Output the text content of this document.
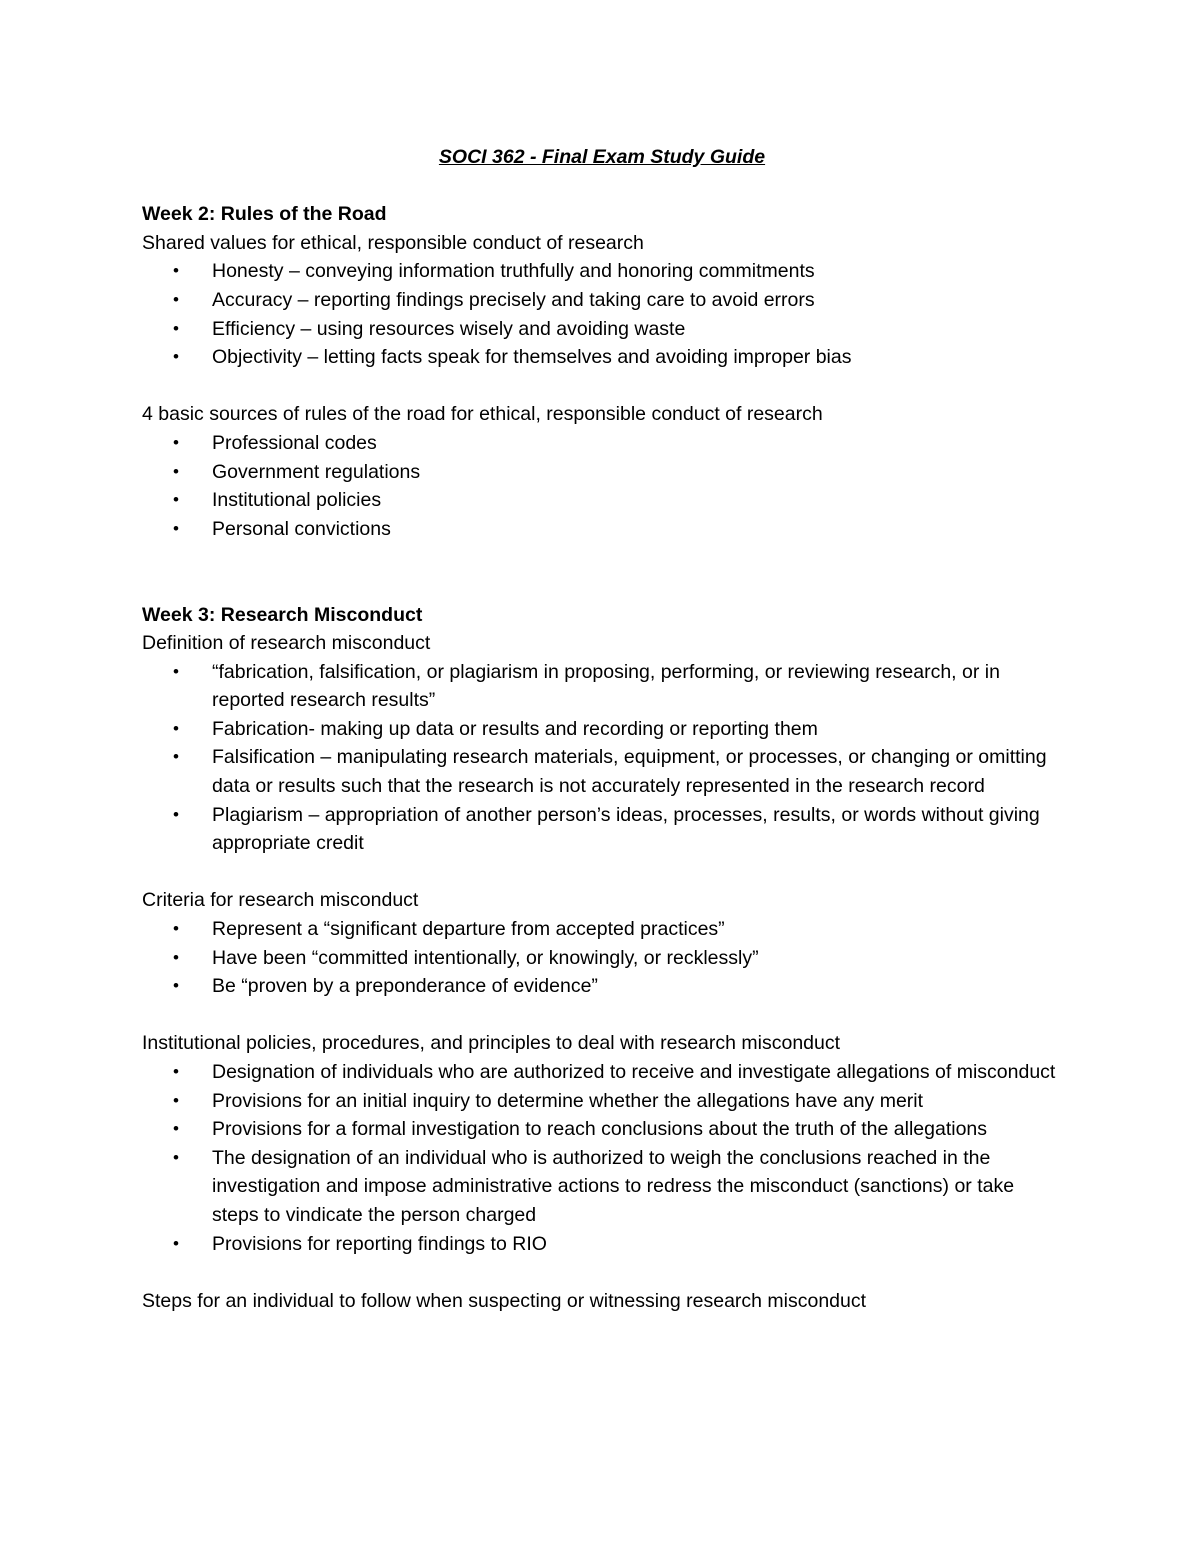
SOCI 362 - Final Exam Study Guide
Week 2: Rules of the Road
Shared values for ethical, responsible conduct of research
•	Honesty – conveying information truthfully and honoring commitments
•	Accuracy – reporting findings precisely and taking care to avoid errors
•	Efficiency – using resources wisely and avoiding waste
•	Objectivity – letting facts speak for themselves and avoiding improper bias
4 basic sources of rules of the road for ethical, responsible conduct of research
•	Professional codes
•	Government regulations
•	Institutional policies
•	Personal convictions
Week 3: Research Misconduct
Definition of research misconduct
•	“fabrication, falsification, or plagiarism in proposing, performing, or reviewing research, or in reported research results”
•	Fabrication- making up data or results and recording or reporting them
•	Falsification – manipulating research materials, equipment, or processes, or changing or omitting data or results such that the research is not accurately represented in the research record
•	Plagiarism – appropriation of another person’s ideas, processes, results, or words without giving appropriate credit
Criteria for research misconduct
•	Represent a “significant departure from accepted practices”
•	Have been “committed intentionally, or knowingly, or recklessly”
•	Be “proven by a preponderance of evidence”
Institutional policies, procedures, and principles to deal with research misconduct
•	Designation of individuals who are authorized to receive and investigate allegations of misconduct
•	Provisions for an initial inquiry to determine whether the allegations have any merit
•	Provisions for a formal investigation to reach conclusions about the truth of the allegations
•	The designation of an individual who is authorized to weigh the conclusions reached in the investigation and impose administrative actions to redress the misconduct (sanctions) or take steps to vindicate the person charged
•	Provisions for reporting findings to RIO
Steps for an individual to follow when suspecting or witnessing research misconduct
